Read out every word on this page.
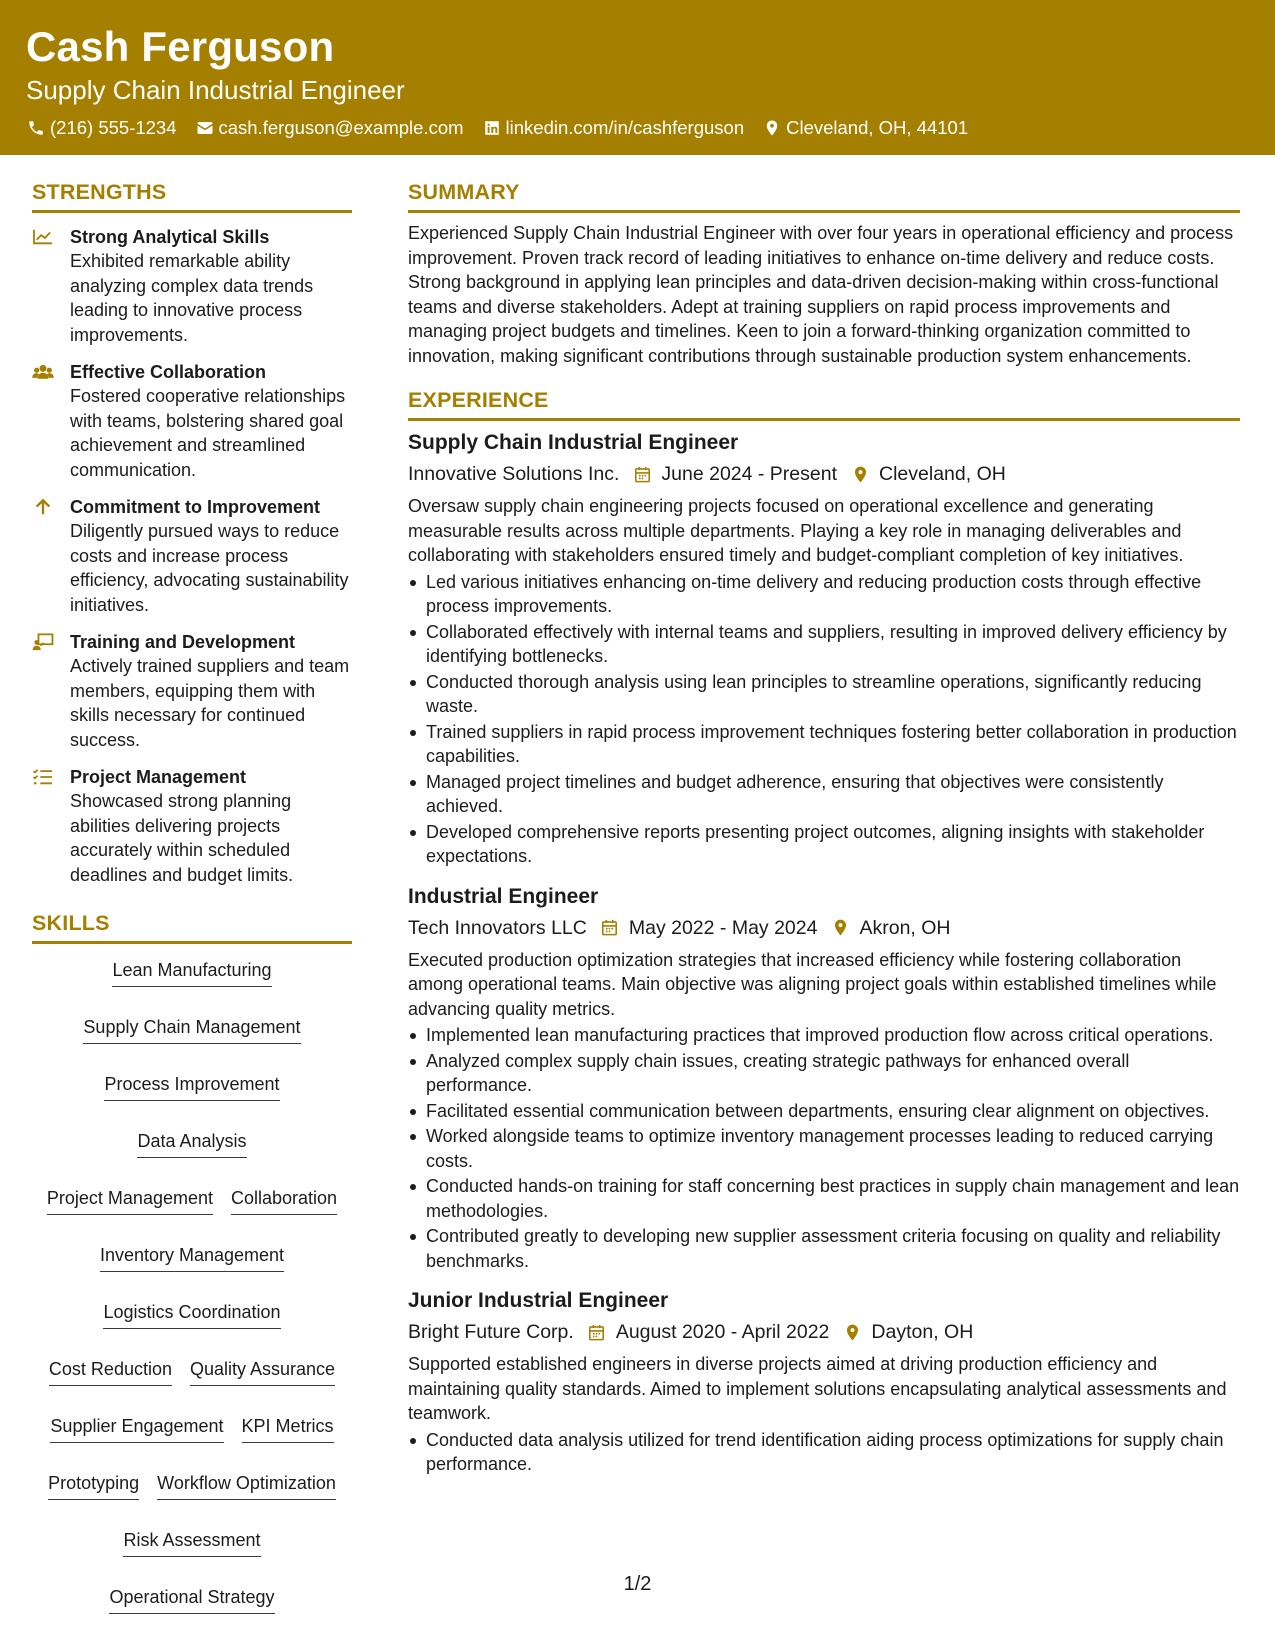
Cash Ferguson
Supply Chain Industrial Engineer
(216) 555-1234 cash.ferguson@example.com linkedin.com/in/cashferguson Cleveland, OH, 44101
STRENGTHS
Strong Analytical Skills
Exhibited remarkable ability analyzing complex data trends leading to innovative process improvements.
Effective Collaboration
Fostered cooperative relationships with teams, bolstering shared goal achievement and streamlined communication.
Commitment to Improvement
Diligently pursued ways to reduce costs and increase process efficiency, advocating sustainability initiatives.
Training and Development
Actively trained suppliers and team members, equipping them with skills necessary for continued success.
Project Management
Showcased strong planning abilities delivering projects accurately within scheduled deadlines and budget limits.
SKILLS
Lean Manufacturing
Supply Chain Management
Process Improvement
Data Analysis
Project Management Collaboration
Inventory Management
Logistics Coordination
Cost Reduction Quality Assurance
Supplier Engagement KPI Metrics
Prototyping Workflow Optimization
Risk Assessment
Operational Strategy
SUMMARY
Experienced Supply Chain Industrial Engineer with over four years in operational efficiency and process improvement. Proven track record of leading initiatives to enhance on-time delivery and reduce costs. Strong background in applying lean principles and data-driven decision-making within cross-functional teams and diverse stakeholders. Adept at training suppliers on rapid process improvements and managing project budgets and timelines. Keen to join a forward-thinking organization committed to innovation, making significant contributions through sustainable production system enhancements.
EXPERIENCE
Supply Chain Industrial Engineer
Innovative Solutions Inc. June 2024 - Present Cleveland, OH
Oversaw supply chain engineering projects focused on operational excellence and generating measurable results across multiple departments. Playing a key role in managing deliverables and collaborating with stakeholders ensured timely and budget-compliant completion of key initiatives.
Led various initiatives enhancing on-time delivery and reducing production costs through effective process improvements.
Collaborated effectively with internal teams and suppliers, resulting in improved delivery efficiency by identifying bottlenecks.
Conducted thorough analysis using lean principles to streamline operations, significantly reducing waste.
Trained suppliers in rapid process improvement techniques fostering better collaboration in production capabilities.
Managed project timelines and budget adherence, ensuring that objectives were consistently achieved.
Developed comprehensive reports presenting project outcomes, aligning insights with stakeholder expectations.
Industrial Engineer
Tech Innovators LLC May 2022 - May 2024 Akron, OH
Executed production optimization strategies that increased efficiency while fostering collaboration among operational teams. Main objective was aligning project goals within established timelines while advancing quality metrics.
Implemented lean manufacturing practices that improved production flow across critical operations.
Analyzed complex supply chain issues, creating strategic pathways for enhanced overall performance.
Facilitated essential communication between departments, ensuring clear alignment on objectives.
Worked alongside teams to optimize inventory management processes leading to reduced carrying costs.
Conducted hands-on training for staff concerning best practices in supply chain management and lean methodologies.
Contributed greatly to developing new supplier assessment criteria focusing on quality and reliability benchmarks.
Junior Industrial Engineer
Bright Future Corp. August 2020 - April 2022 Dayton, OH
Supported established engineers in diverse projects aimed at driving production efficiency and maintaining quality standards. Aimed to implement solutions encapsulating analytical assessments and teamwork.
Conducted data analysis utilized for trend identification aiding process optimizations for supply chain performance.
1/2
